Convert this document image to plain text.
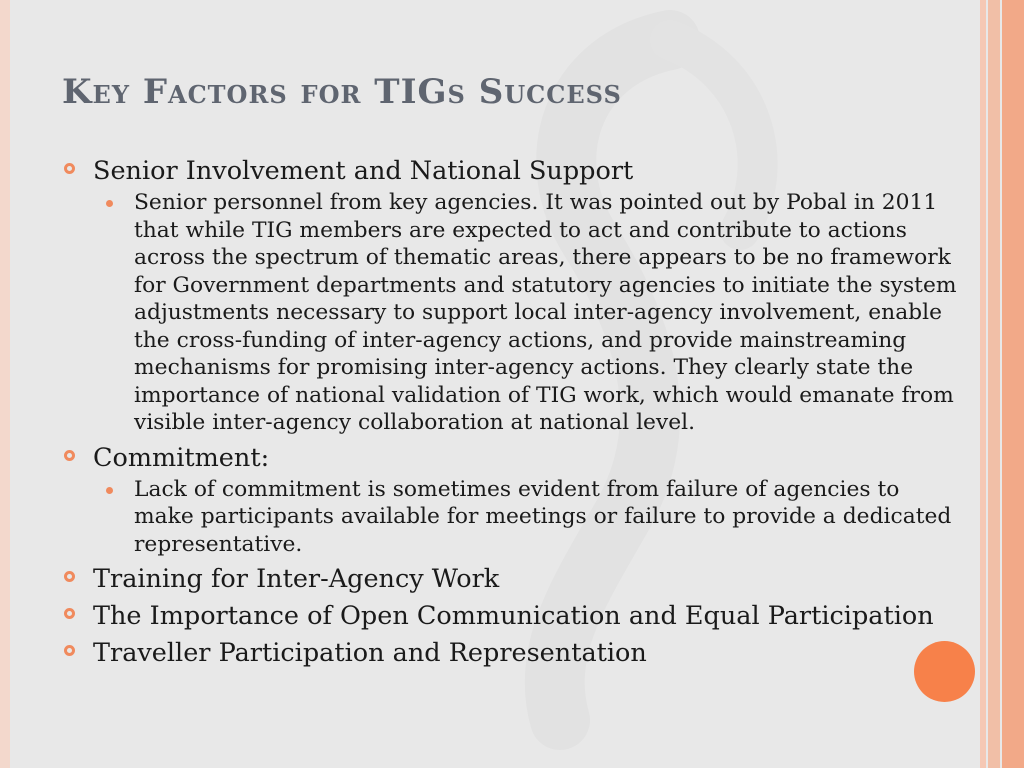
Key Factors for TIGs Success

Senior Involvement and National Support

Senior personnel from key agencies. It was pointed out by Pobal in 2011 that while TIG members are expected to act and contribute to actions across the spectrum of thematic areas, there appears to be no framework for Government departments and statutory agencies to initiate the system adjustments necessary to support local inter-agency involvement, enable the cross-funding of inter-agency actions, and provide mainstreaming mechanisms for promising inter-agency actions. They clearly state the importance of national validation of TIG work, which would emanate from visible inter-agency collaboration at national level.

Commitment:

Lack of commitment is sometimes evident from failure of agencies to make participants available for meetings or failure to provide a dedicated representative.

Training for Inter-Agency Work

The Importance of Open Communication and Equal Participation

Traveller Participation and Representation
